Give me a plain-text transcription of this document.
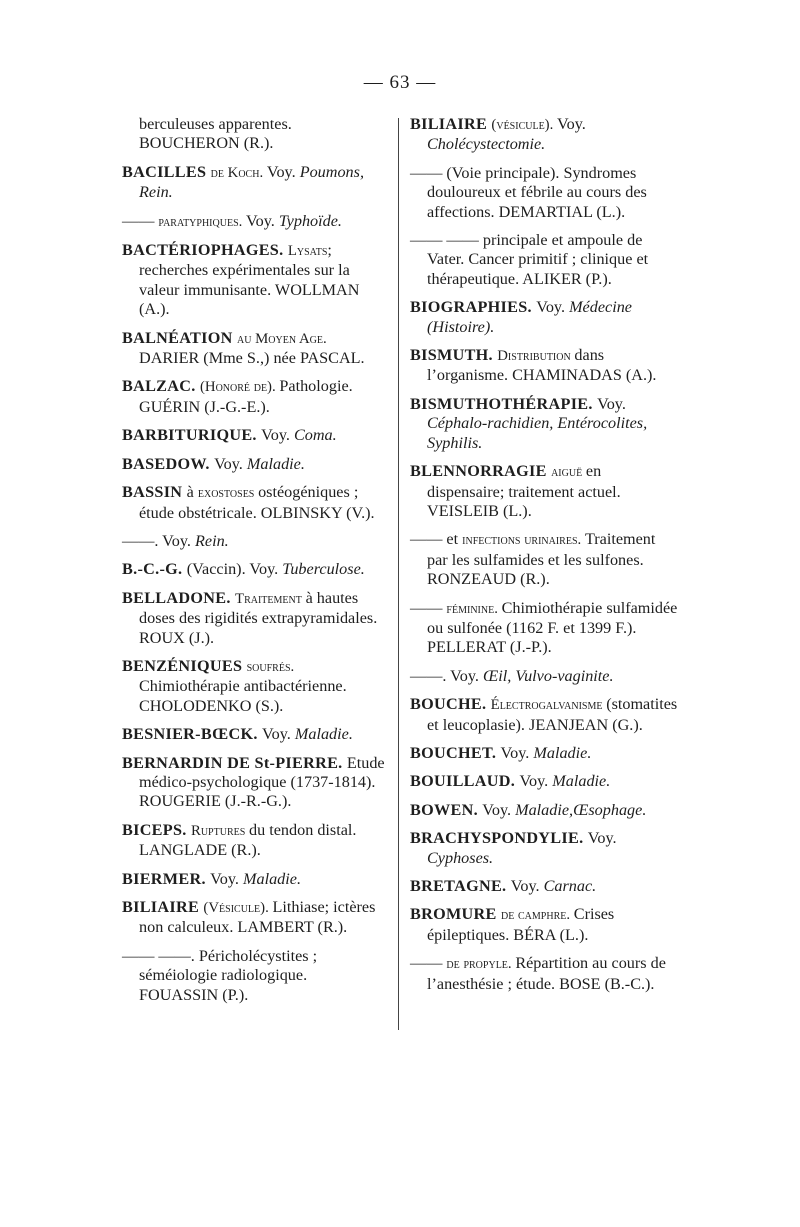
— 63 —
berculeuses apparentes. BOUCHERON (R.).
BACILLES de Koch. Voy. Poumons, Rein.
—— paratyphiques. Voy. Typhoïde.
BACTÉRIOPHAGES. Lysats; recherches expérimentales sur la valeur immunisante. WOLLMAN (A.).
BALNÉATION au Moyen Age. DARIER (Mme S.,) née PASCAL.
BALZAC. (Honoré de). Pathologie. GUÉRIN (J.-G.-E.).
BARBITURIQUE. Voy. Coma.
BASEDOW. Voy. Maladie.
BASSIN à exostoses ostéogéniques ; étude obstétricale. OLBINSKY (V.).
——. Voy. Rein.
B.-C.-G. (Vaccin). Voy. Tuberculose.
BELLADONE. Traitement à hautes doses des rigidités extrapyramidales. ROUX (J.).
BENZÉNIQUES soufrés. Chimiothérapie antibactérienne. CHOLODENKO (S.).
BESNIER-BŒCK. Voy. Maladie.
BERNARDIN DE St-PIERRE. Etude médico-psychologique (1737-1814). ROUGERIE (J.-R.-G.).
BICEPS. Ruptures du tendon distal. LANGLADE (R.).
BIERMER. Voy. Maladie.
BILIAIRE (Vésicule). Lithiase; ictères non calculeux. LAMBERT (R.).
—— ——. Péricholécystites ; séméiologie radiologique. FOUASSIN (P.).
BILIAIRE (vésicule). Voy. Cholécystectomie.
—— (Voie principale). Syndromes douloureux et fébrile au cours des affections. DEMARTIAL (L.).
—— —— principale et ampoule de Vater. Cancer primitif ; clinique et thérapeutique. ALIKER (P.).
BIOGRAPHIES. Voy. Médecine (Histoire).
BISMUTH. Distribution dans l’organisme. CHAMINADAS (A.).
BISMUTHOTHÉRAPIE. Voy. Céphalo-rachidien, Entérocolites, Syphilis.
BLENNORRAGIE aiguë en dispensaire; traitement actuel. VEISLEIB (L.).
—— et infections urinaires. Traitement par les sulfamides et les sulfones. RONZEAUD (R.).
—— féminine. Chimiothérapie sulfamidée ou sulfonée (1162 F. et 1399 F.). PELLERAT (J.-P.).
——. Voy. Œil, Vulvo-vaginite.
BOUCHE. Électrogalvanisme (stomatites et leucoplasie). JEANJEAN (G.).
BOUCHET. Voy. Maladie.
BOUILLAUD. Voy. Maladie.
BOWEN. Voy. Maladie,Œsophage.
BRACHYSPONDYLIE. Voy. Cyphoses.
BRETAGNE. Voy. Carnac.
BROMURE de camphre. Crises épileptiques. BÉRA (L.).
—— de propyle. Répartition au cours de l’anesthésie ; étude. BOSE (B.-C.).
